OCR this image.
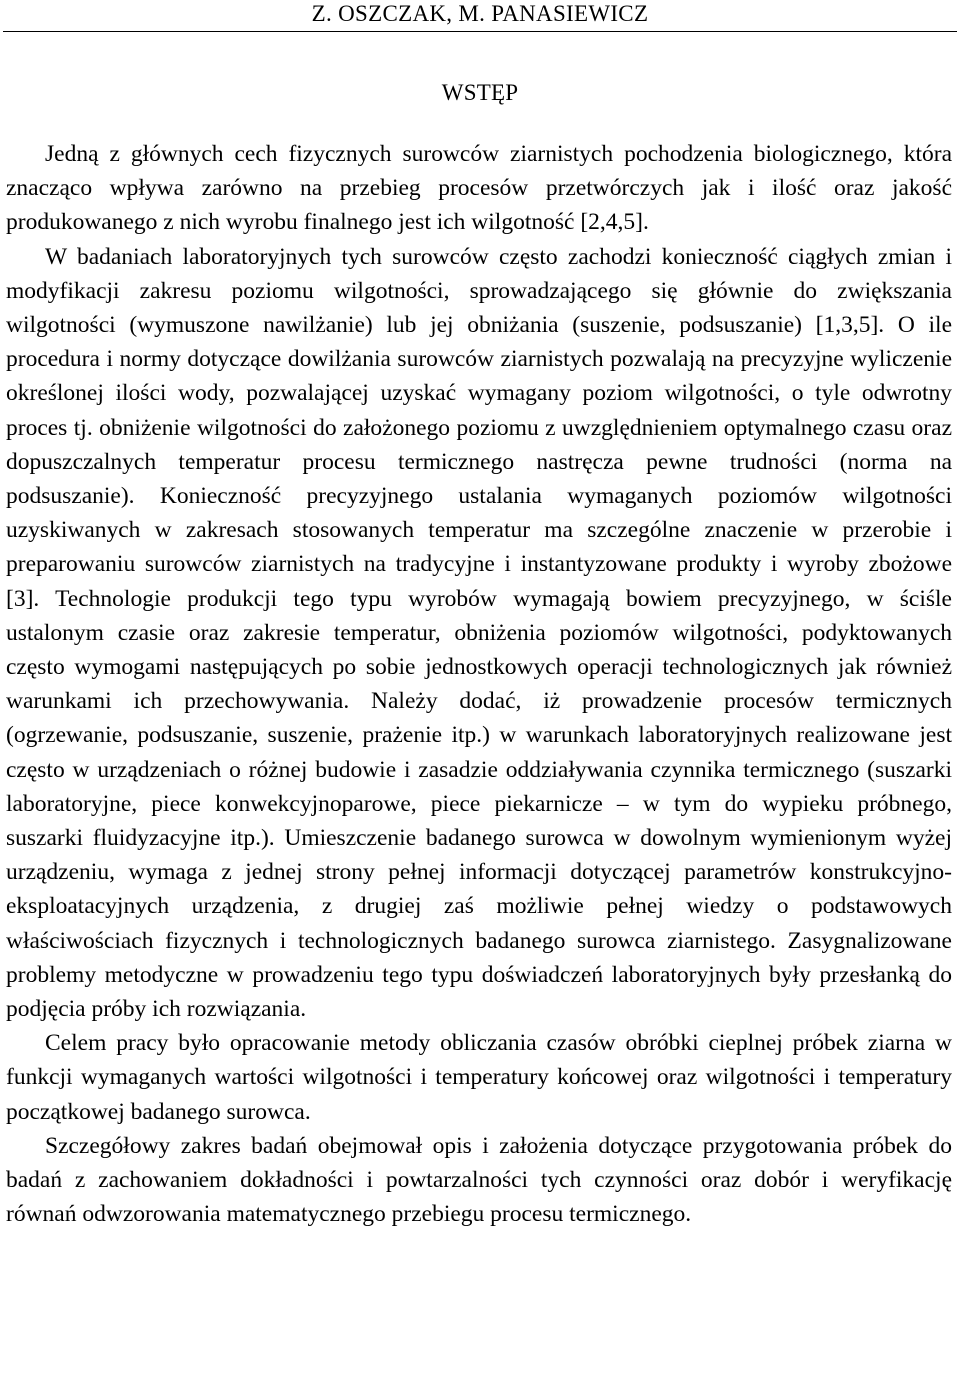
Z. OSZCZAK, M. PANASIEWICZ
WSTĘP

Jedną z głównych cech fizycznych surowców ziarnistych pochodzenia biologicznego, która znacząco wpływa zarówno na przebieg procesów przetwórczych jak i ilość oraz jakość produkowanego z nich wyrobu finalnego jest ich wilgotność [2,4,5].

W badaniach laboratoryjnych tych surowców często zachodzi konieczność ciągłych zmian i modyfikacji zakresu poziomu wilgotności, sprowadzającego się głównie do zwiększania wilgotności (wymuszone nawilżanie) lub jej obniżania (suszenie, podsuszanie) [1,3,5]. O ile procedura i normy dotyczące dowilżania surowców ziarnistych pozwalają na precyzyjne wyliczenie określonej ilości wody, pozwalającej uzyskać wymagany poziom wilgotności, o tyle odwrotny proces tj. obniżenie wilgotności do założonego poziomu z uwzględnieniem optymalnego czasu oraz dopuszczalnych temperatur procesu termicznego nastręcza pewne trudności (norma na podsuszanie). Konieczność precyzyjnego ustalania wymaganych poziomów wilgotności uzyskiwanych w zakresach stosowanych temperatur ma szczególne znaczenie w przerobie i preparowaniu surowców ziarnistych na tradycyjne i instantyzowane produkty i wyroby zbożowe [3]. Technologie produkcji tego typu wyrobów wymagają bowiem precyzyjnego, w ściśle ustalonym czasie oraz zakresie temperatur, obniżenia poziomów wilgotności, podyktowanych często wymogami następujących po sobie jednostkowych operacji technologicznych jak również warunkami ich przechowywania. Należy dodać, iż prowadzenie procesów termicznych (ogrzewanie, podsuszanie, suszenie, prażenie itp.) w warunkach laboratoryjnych realizowane jest często w urządzeniach o różnej budowie i zasadzie oddziaływania czynnika termicznego (suszarki laboratoryjne, piece konwekcyjnoparowe, piece piekarnicze – w tym do wypieku próbnego, suszarki fluidyzacyjne itp.). Umieszczenie badanego surowca w dowolnym wymienionym wyżej urządzeniu, wymaga z jednej strony pełnej informacji dotyczącej parametrów konstrukcyjnoeksploatacyjnych urządzenia, z drugiej zaś możliwie pełnej wiedzy o podstawowych właściwościach fizycznych i technologicznych badanego surowca ziarnistego. Zasygnalizowane problemy metodyczne w prowadzeniu tego typu doświadczeń laboratoryjnych były przesłanką do podjęcia próby ich rozwiązania.

Celem pracy było opracowanie metody obliczania czasów obróbki cieplnej próbek ziarna w funkcji wymaganych wartości wilgotności i temperatury końcowej oraz wilgotności i temperatury początkowej badanego surowca.

Szczegółowy zakres badań obejmował opis i założenia dotyczące przygotowania próbek do badań z zachowaniem dokładności i powtarzalności tych czynności oraz dobór i weryfikację równań odwzorowania matematycznego przebiegu procesu termicznego.
